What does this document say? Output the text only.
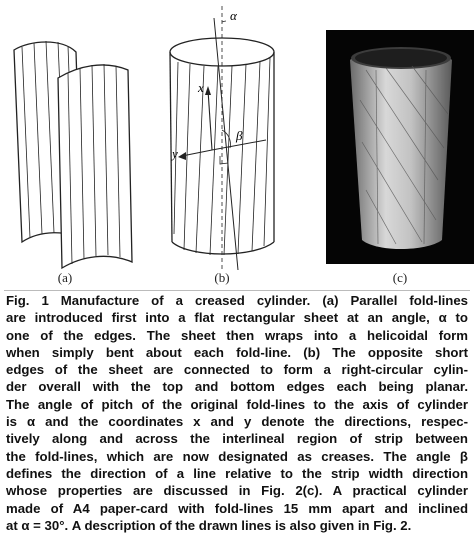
(a)
α
x
y
β
(b)	(c)
Fig. 1 Manufacture of a creased cylinder. (a) Parallel fold-lines
are introduced first into a flat rectangular sheet at an angle, α to
one of the edges. The sheet then wraps into a helicoidal form
when simply bent about each fold-line. (b) The opposite short
edges of the sheet are connected to form a right-circular cylin-
der overall with the top and bottom edges each being planar.
The angle of pitch of the original fold-lines to the axis of cylinder
is α and the coordinates x and y denote the directions, respec-
tively along and across the interlineal region of strip between
the fold-lines, which are now designated as creases. The angle β
defines the direction of a line relative to the strip width direction
whose properties are discussed in Fig. 2(c). A practical cylinder
made of A4 paper-card with fold-lines 15 mm apart and inclined
at α = 30°. A description of the drawn lines is also given in Fig. 2.
